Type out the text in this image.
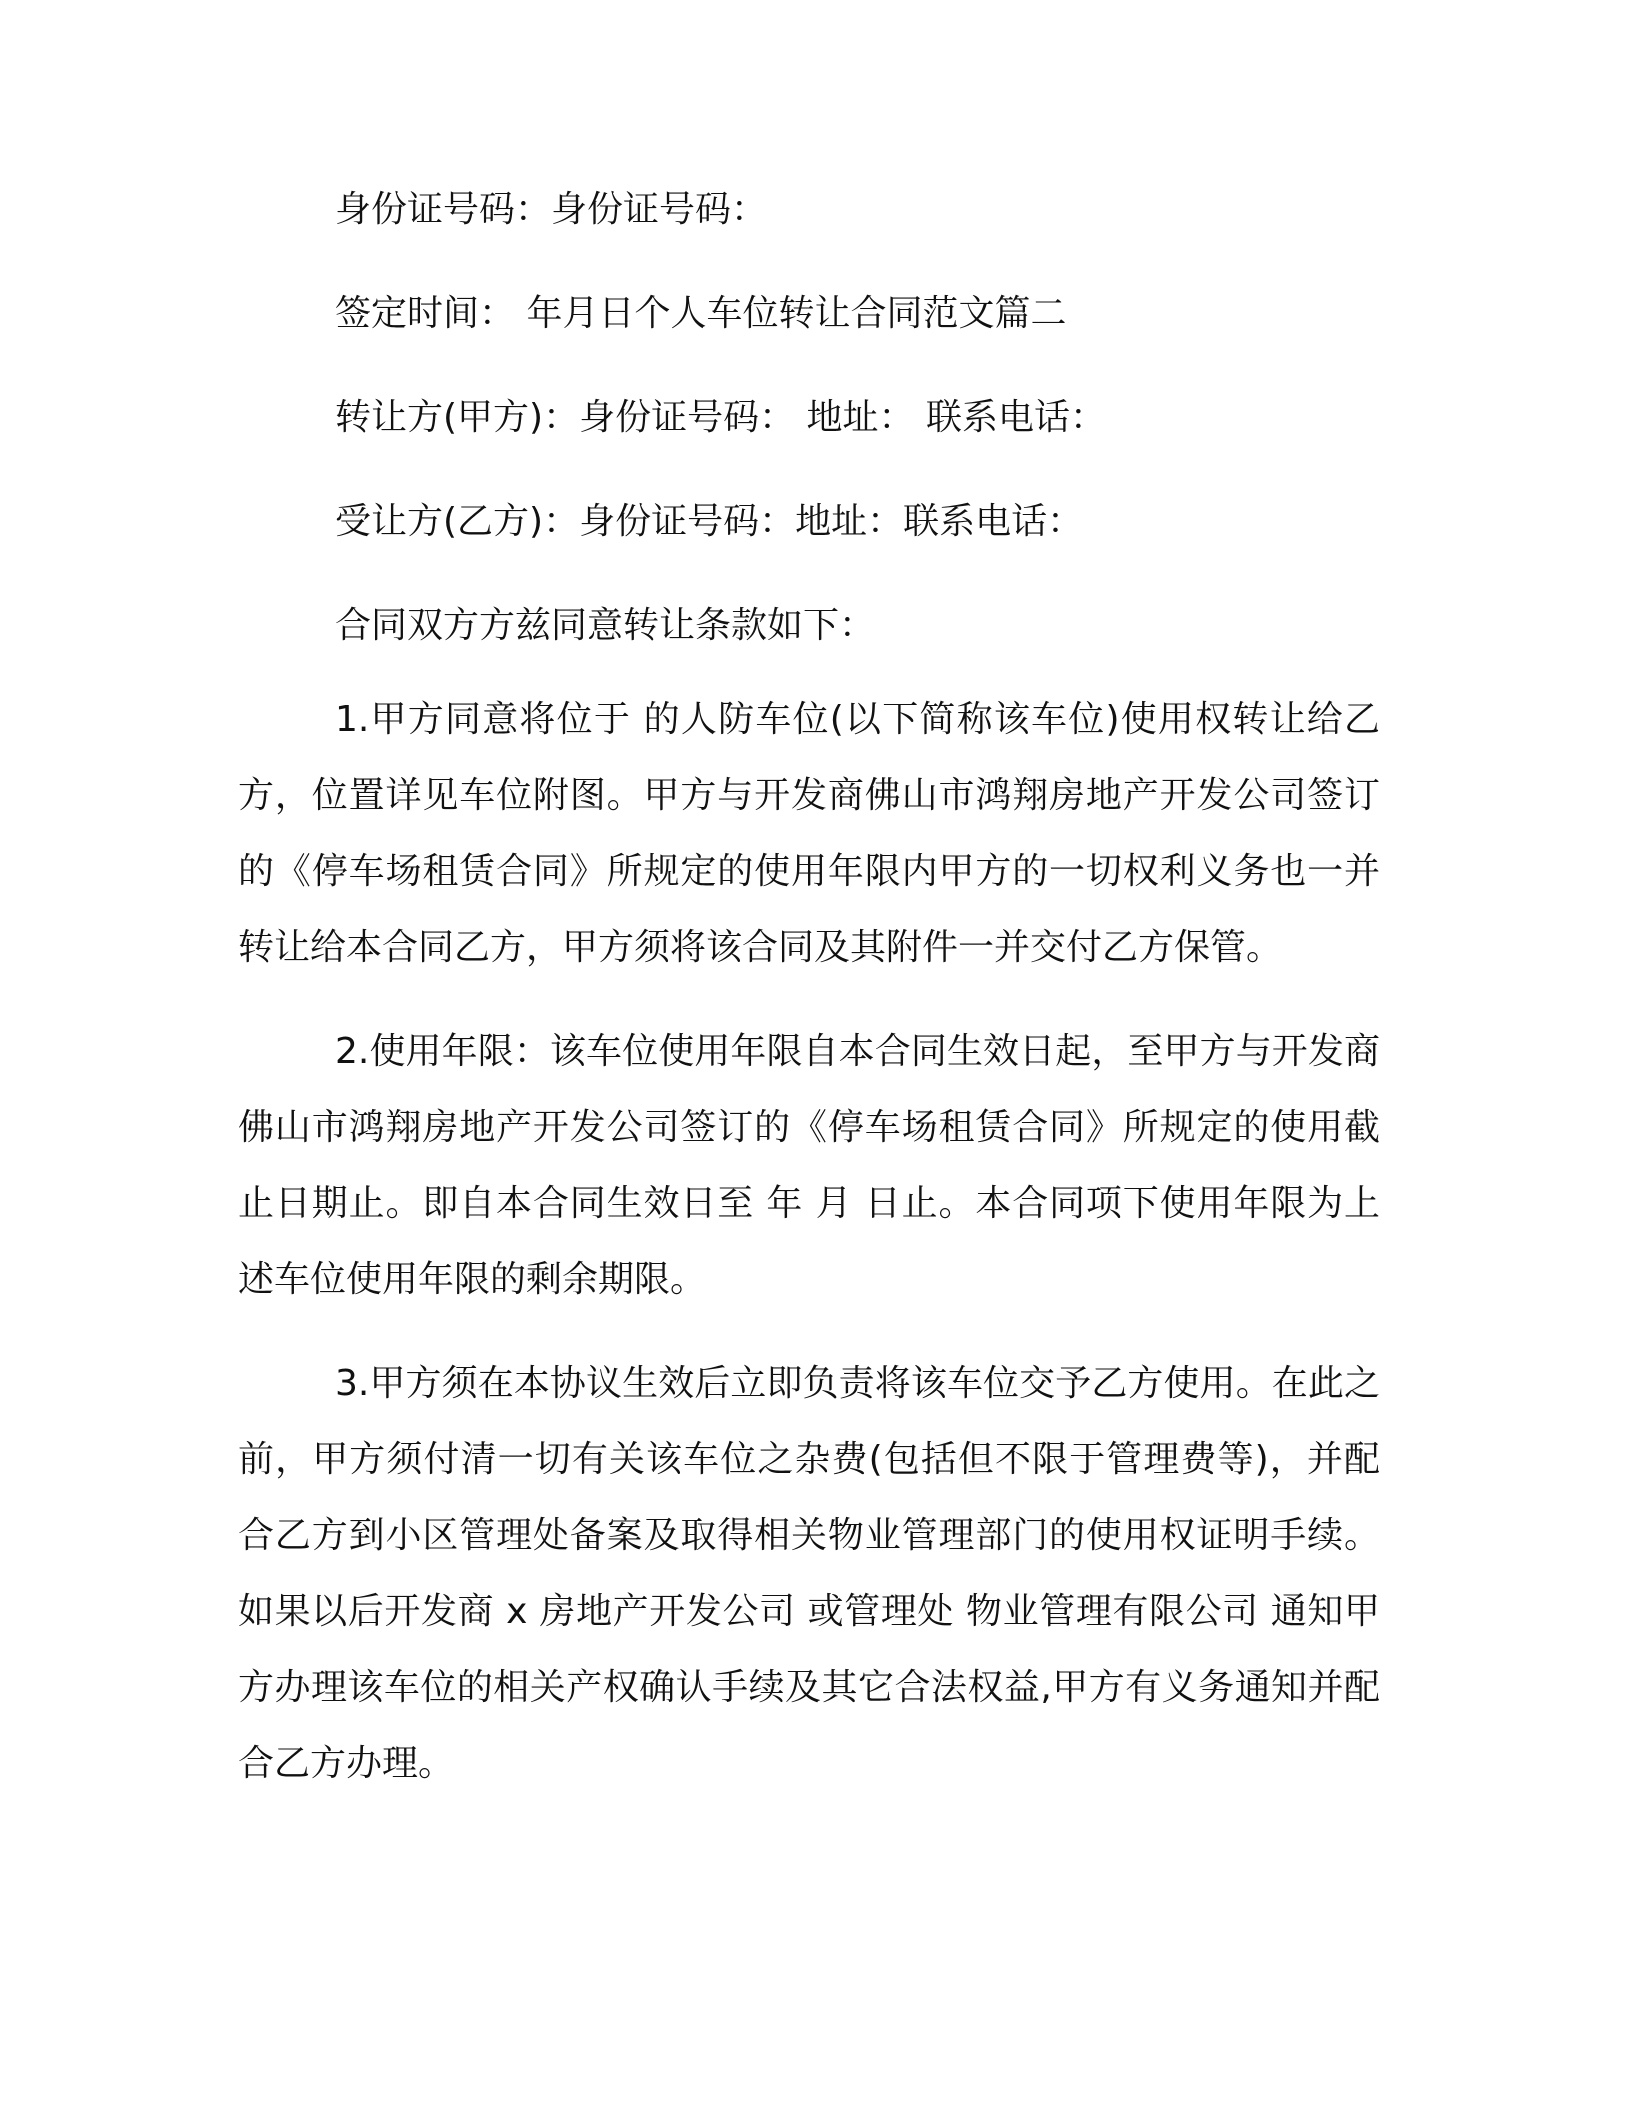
身份证号码：身份证号码：

签定时间： 年月日个人车位转让合同范文篇二

转让方(甲方)：身份证号码： 地址： 联系电话：

受让方(乙方)：身份证号码：地址：联系电话：

合同双方方兹同意转让条款如下：

1.甲方同意将位于 的人防车位(以下简称该车位)使用权转让给乙方，位置详见车位附图。甲方与开发商佛山市鸿翔房地产开发公司签订的《停车场租赁合同》所规定的使用年限内甲方的一切权利义务也一并转让给本合同乙方，甲方须将该合同及其附件一并交付乙方保管。

2.使用年限：该车位使用年限自本合同生效日起，至甲方与开发商佛山市鸿翔房地产开发公司签订的《停车场租赁合同》所规定的使用截止日期止。即自本合同生效日至 年 月 日止。本合同项下使用年限为上述车位使用年限的剩余期限。

3.甲方须在本协议生效后立即负责将该车位交予乙方使用。在此之前，甲方须付清一切有关该车位之杂费(包括但不限于管理费等)，并配合乙方到小区管理处备案及取得相关物业管理部门的使用权证明手续。如果以后开发商 x 房地产开发公司 或管理处 物业管理有限公司 通知甲方办理该车位的相关产权确认手续及其它合法权益,甲方有义务通知并配合乙方办理。
